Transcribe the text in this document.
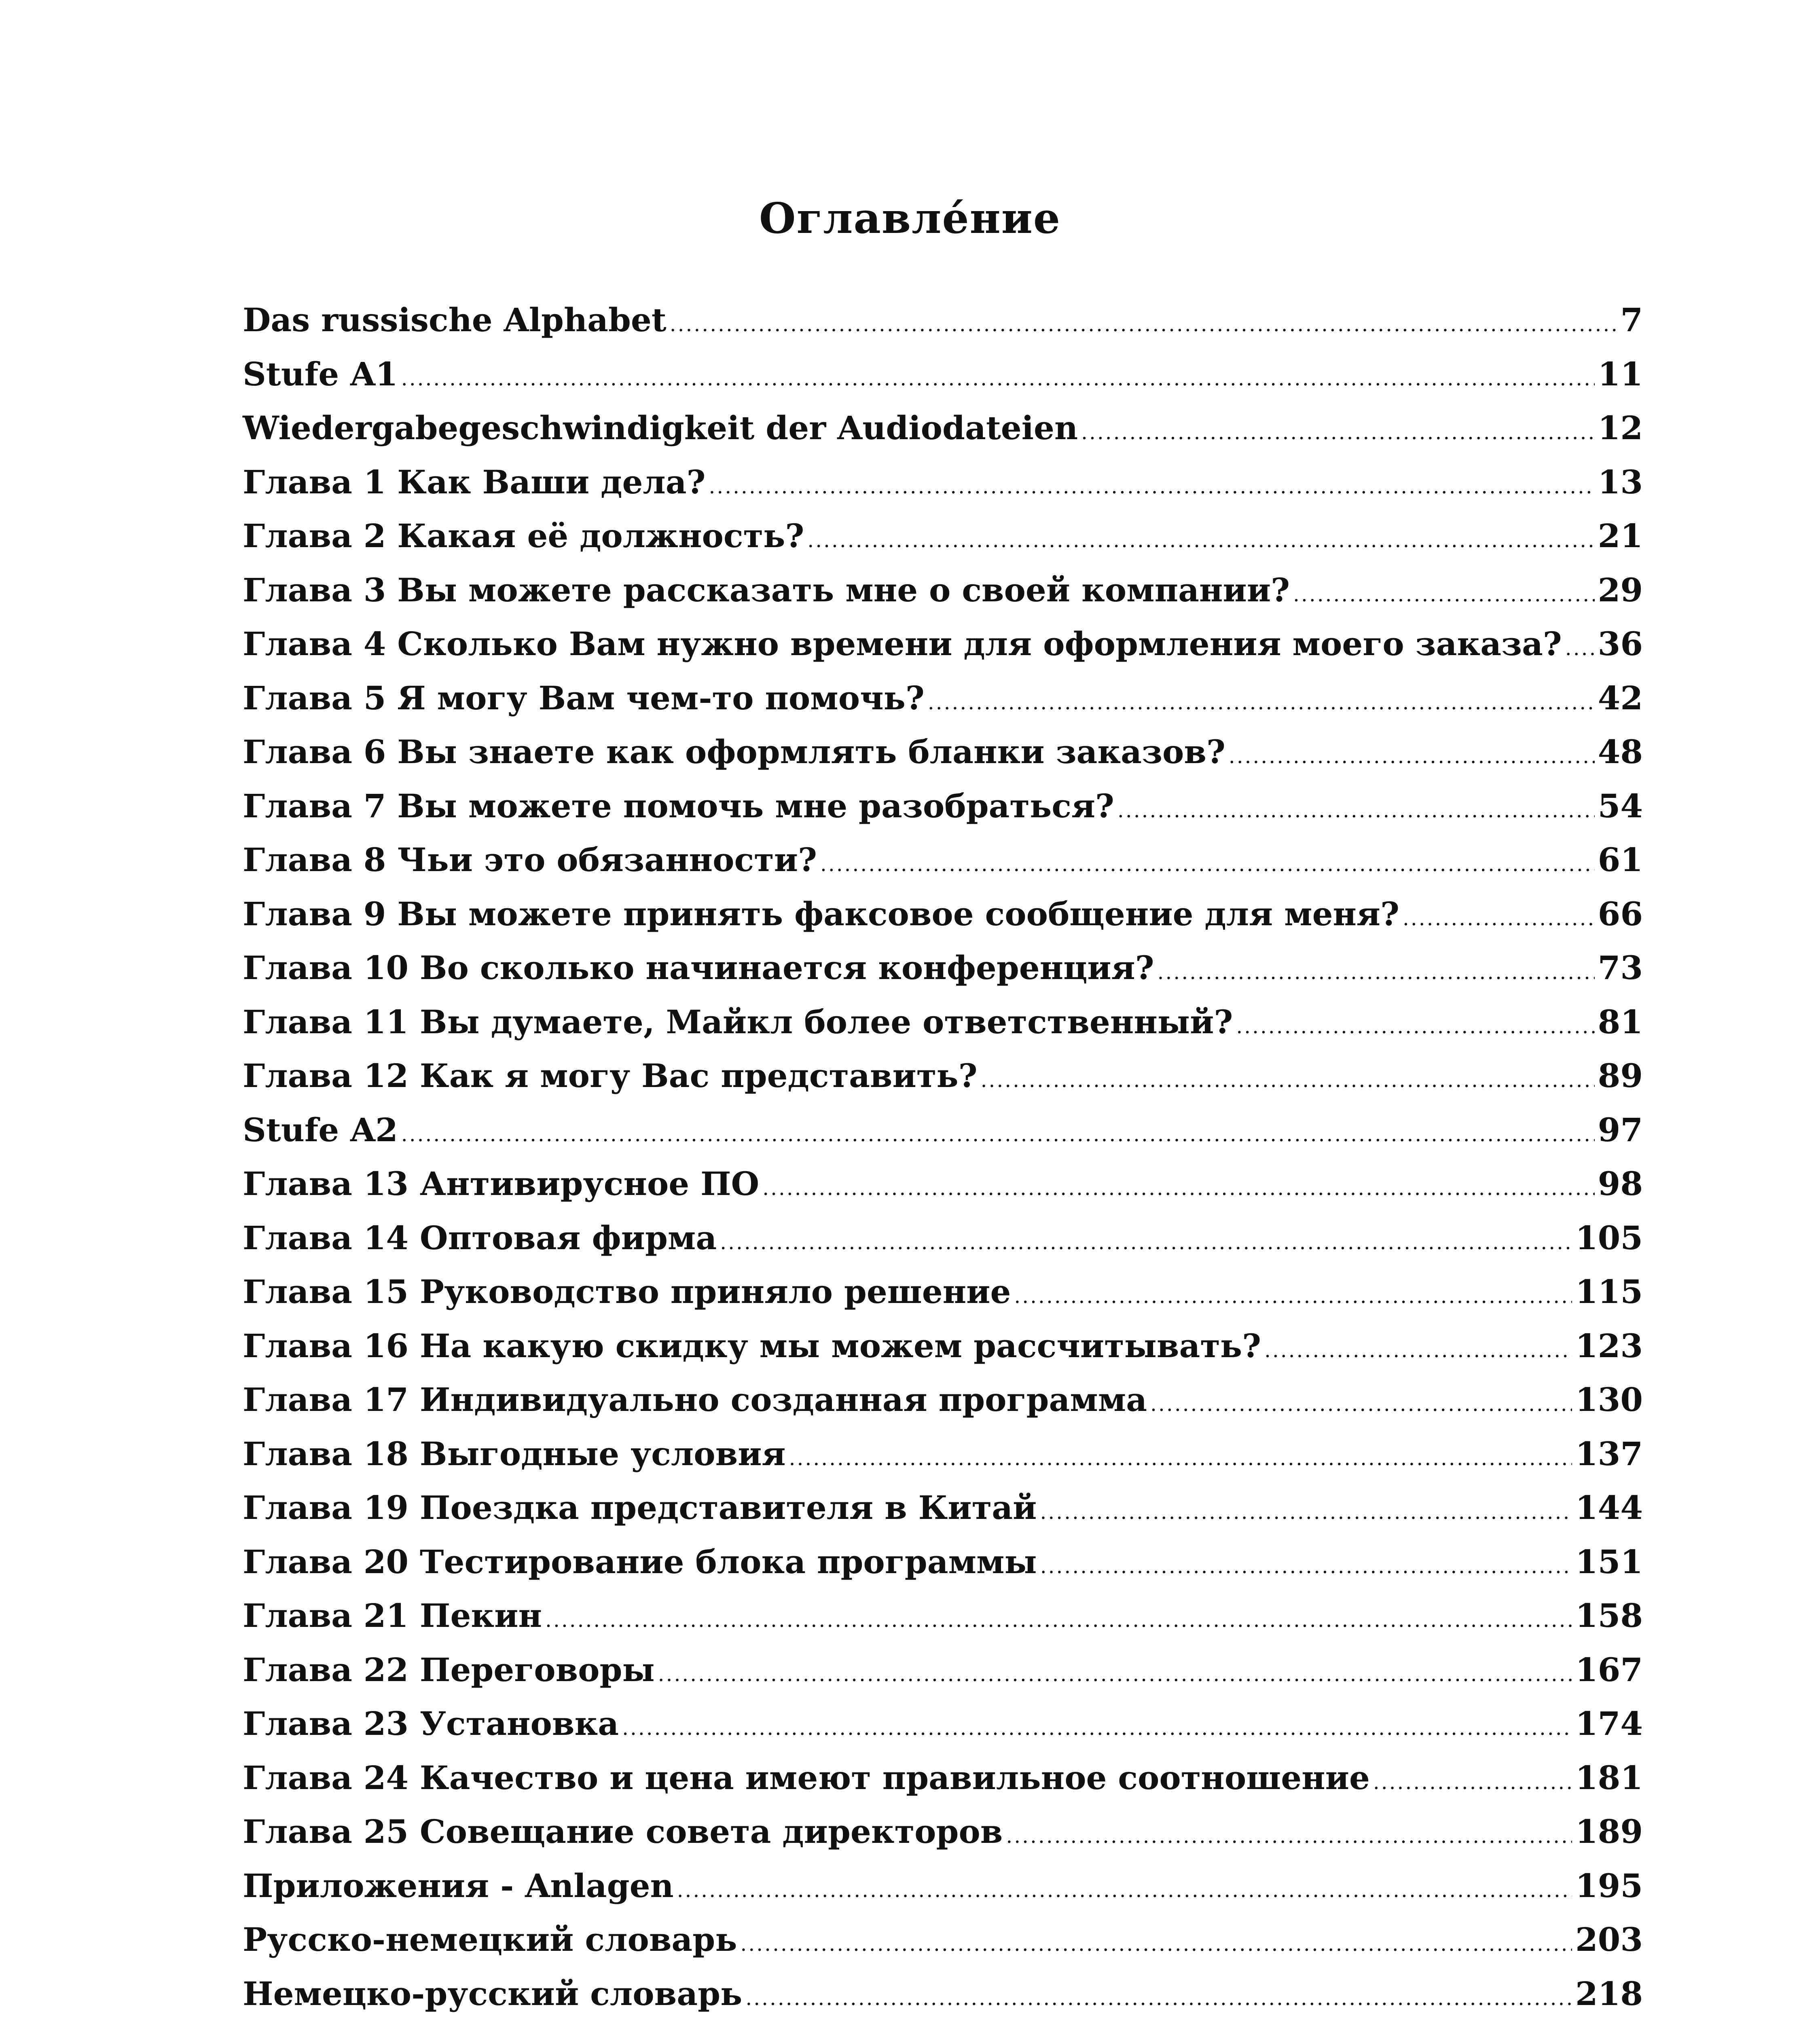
Оглавле́ние
Das russische Alphabet .....	7
Stufe A1 .....	11
Wiedergabegeschwindigkeit der Audiodateien .....	12
Глава 1 Как Ваши дела? .....	13
Глава 2 Какая её должность? .....	21
Глава 3 Вы можете рассказать мне о своей компании? .....	29
Глава 4 Сколько Вам нужно времени для оформления моего заказа? ..... 36
Глава 5 Я могу Вам чем-то помочь? .....	42
Глава 6 Вы знаете как оформлять бланки заказов? .....	48
Глава 7 Вы можете помочь мне разобраться? .....	54
Глава 8 Чьи это обязанности? .....	61
Глава 9 Вы можете принять факсовое сообщение для меня? .....	66
Глава 10 Во сколько начинается конференция? .....	73
Глава 11 Вы думаете, Майкл более ответственный? .....	81
Глава 12 Как я могу Вас представить? .....	89
Stufe A2 .....	97
Глава 13 Антивирусное ПО .....	98
Глава 14 Оптовая фирма .....	105
Глава 15 Руководство приняло решение .....	115
Глава 16 На какую скидку мы можем рассчитывать? .....	123
Глава 17 Индивидуально созданная программа .....	130
Глава 18 Выгодные условия .....	137
Глава 19 Поездка представителя в Китай .....	144
Глава 20 Тестирование блока программы .....	151
Глава 21 Пекин .....	158
Глава 22 Переговоры .....	167
Глава 23 Установка .....	174
Глава 24 Качество и цена имеют правильное соотношение .....	181
Глава 25 Совещание совета директоров .....	189
Приложения - Anlagen .....	195
Русско-немецкий словарь .....	203
Немецко-русский словарь .....	218
